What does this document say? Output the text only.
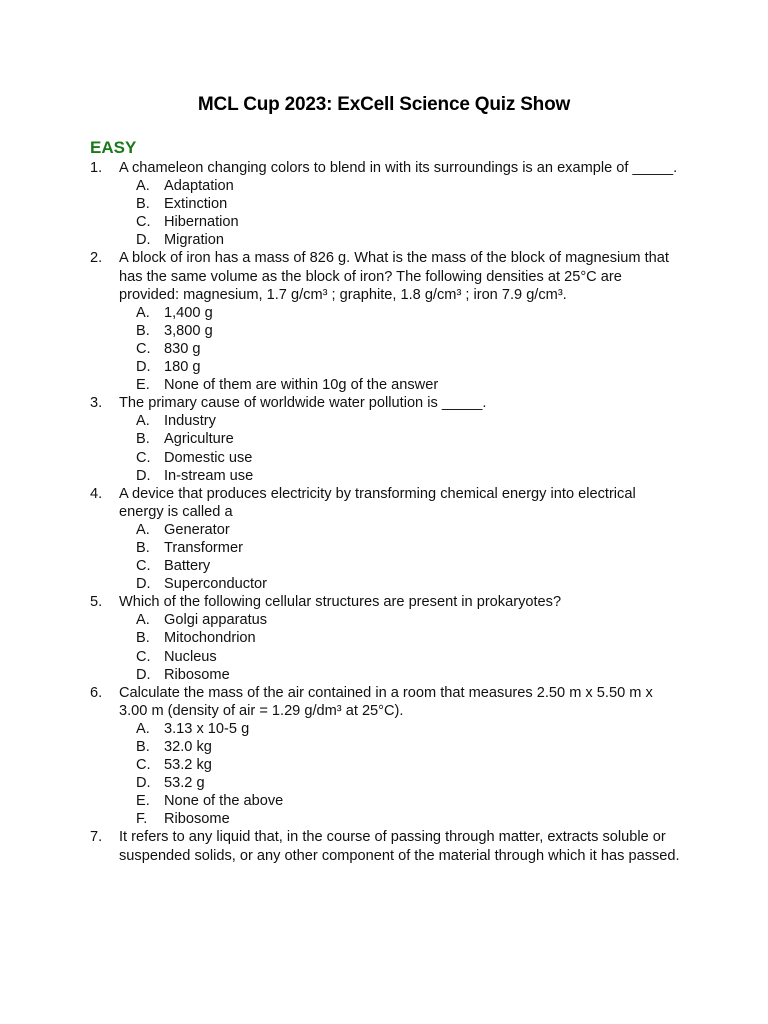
MCL Cup 2023: ExCell Science Quiz Show
EASY
1.	A chameleon changing colors to blend in with its surroundings is an example of _____.
A. Adaptation
B. Extinction
C. Hibernation
D. Migration
2.	A block of iron has a mass of 826 g. What is the mass of the block of magnesium that has the same volume as the block of iron? The following densities at 25°C are provided: magnesium, 1.7 g/cm³ ; graphite, 1.8 g/cm³ ; iron 7.9 g/cm³.
A. 1,400 g
B. 3,800 g
C. 830 g
D. 180 g
E. None of them are within 10g of the answer
3.	The primary cause of worldwide water pollution is _____.
A. Industry
B. Agriculture
C. Domestic use
D. In-stream use
4.	A device that produces electricity by transforming chemical energy into electrical energy is called a
A. Generator
B. Transformer
C. Battery
D. Superconductor
5.	Which of the following cellular structures are present in prokaryotes?
A. Golgi apparatus
B. Mitochondrion
C. Nucleus
D. Ribosome
6.	Calculate the mass of the air contained in a room that measures 2.50 m x 5.50 m x 3.00 m (density of air = 1.29 g/dm³ at 25°C).
A. 3.13 x 10-5 g
B. 32.0 kg
C. 53.2 kg
D. 53.2 g
E. None of the above
F.	Ribosome
7.	It refers to any liquid that, in the course of passing through matter, extracts soluble or suspended solids, or any other component of the material through which it has passed.
